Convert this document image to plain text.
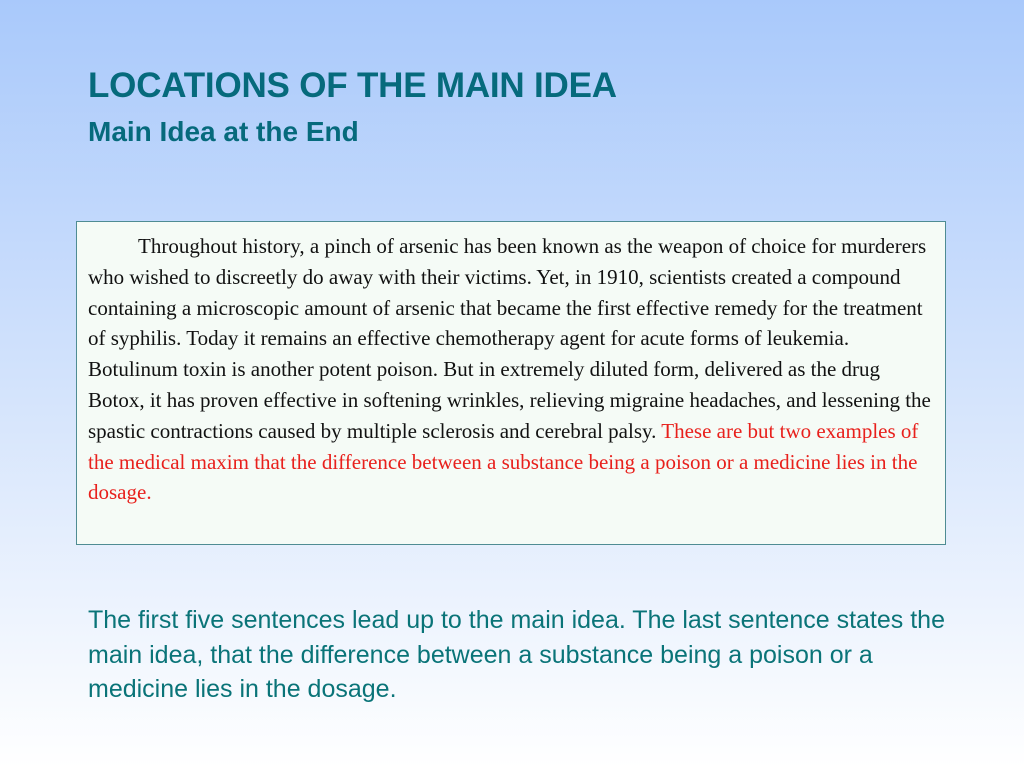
LOCATIONS OF THE MAIN IDEA
Main Idea at the End

Throughout history, a pinch of arsenic has been known as the weapon of choice for murderers who wished to discreetly do away with their victims. Yet, in 1910, scientists created a compound containing a microscopic amount of arsenic that became the first effective remedy for the treatment of syphilis. Today it remains an effective chemotherapy agent for acute forms of leukemia. Botulinum toxin is another potent poison. But in extremely diluted form, delivered as the drug Botox, it has proven effective in softening wrinkles, relieving migraine headaches, and lessening the spastic contractions caused by multiple sclerosis and cerebral palsy. These are but two examples of the medical maxim that the difference between a substance being a poison or a medicine lies in the dosage.

The first five sentences lead up to the main idea. The last sentence states the main idea, that the difference between a substance being a poison or a medicine lies in the dosage.
